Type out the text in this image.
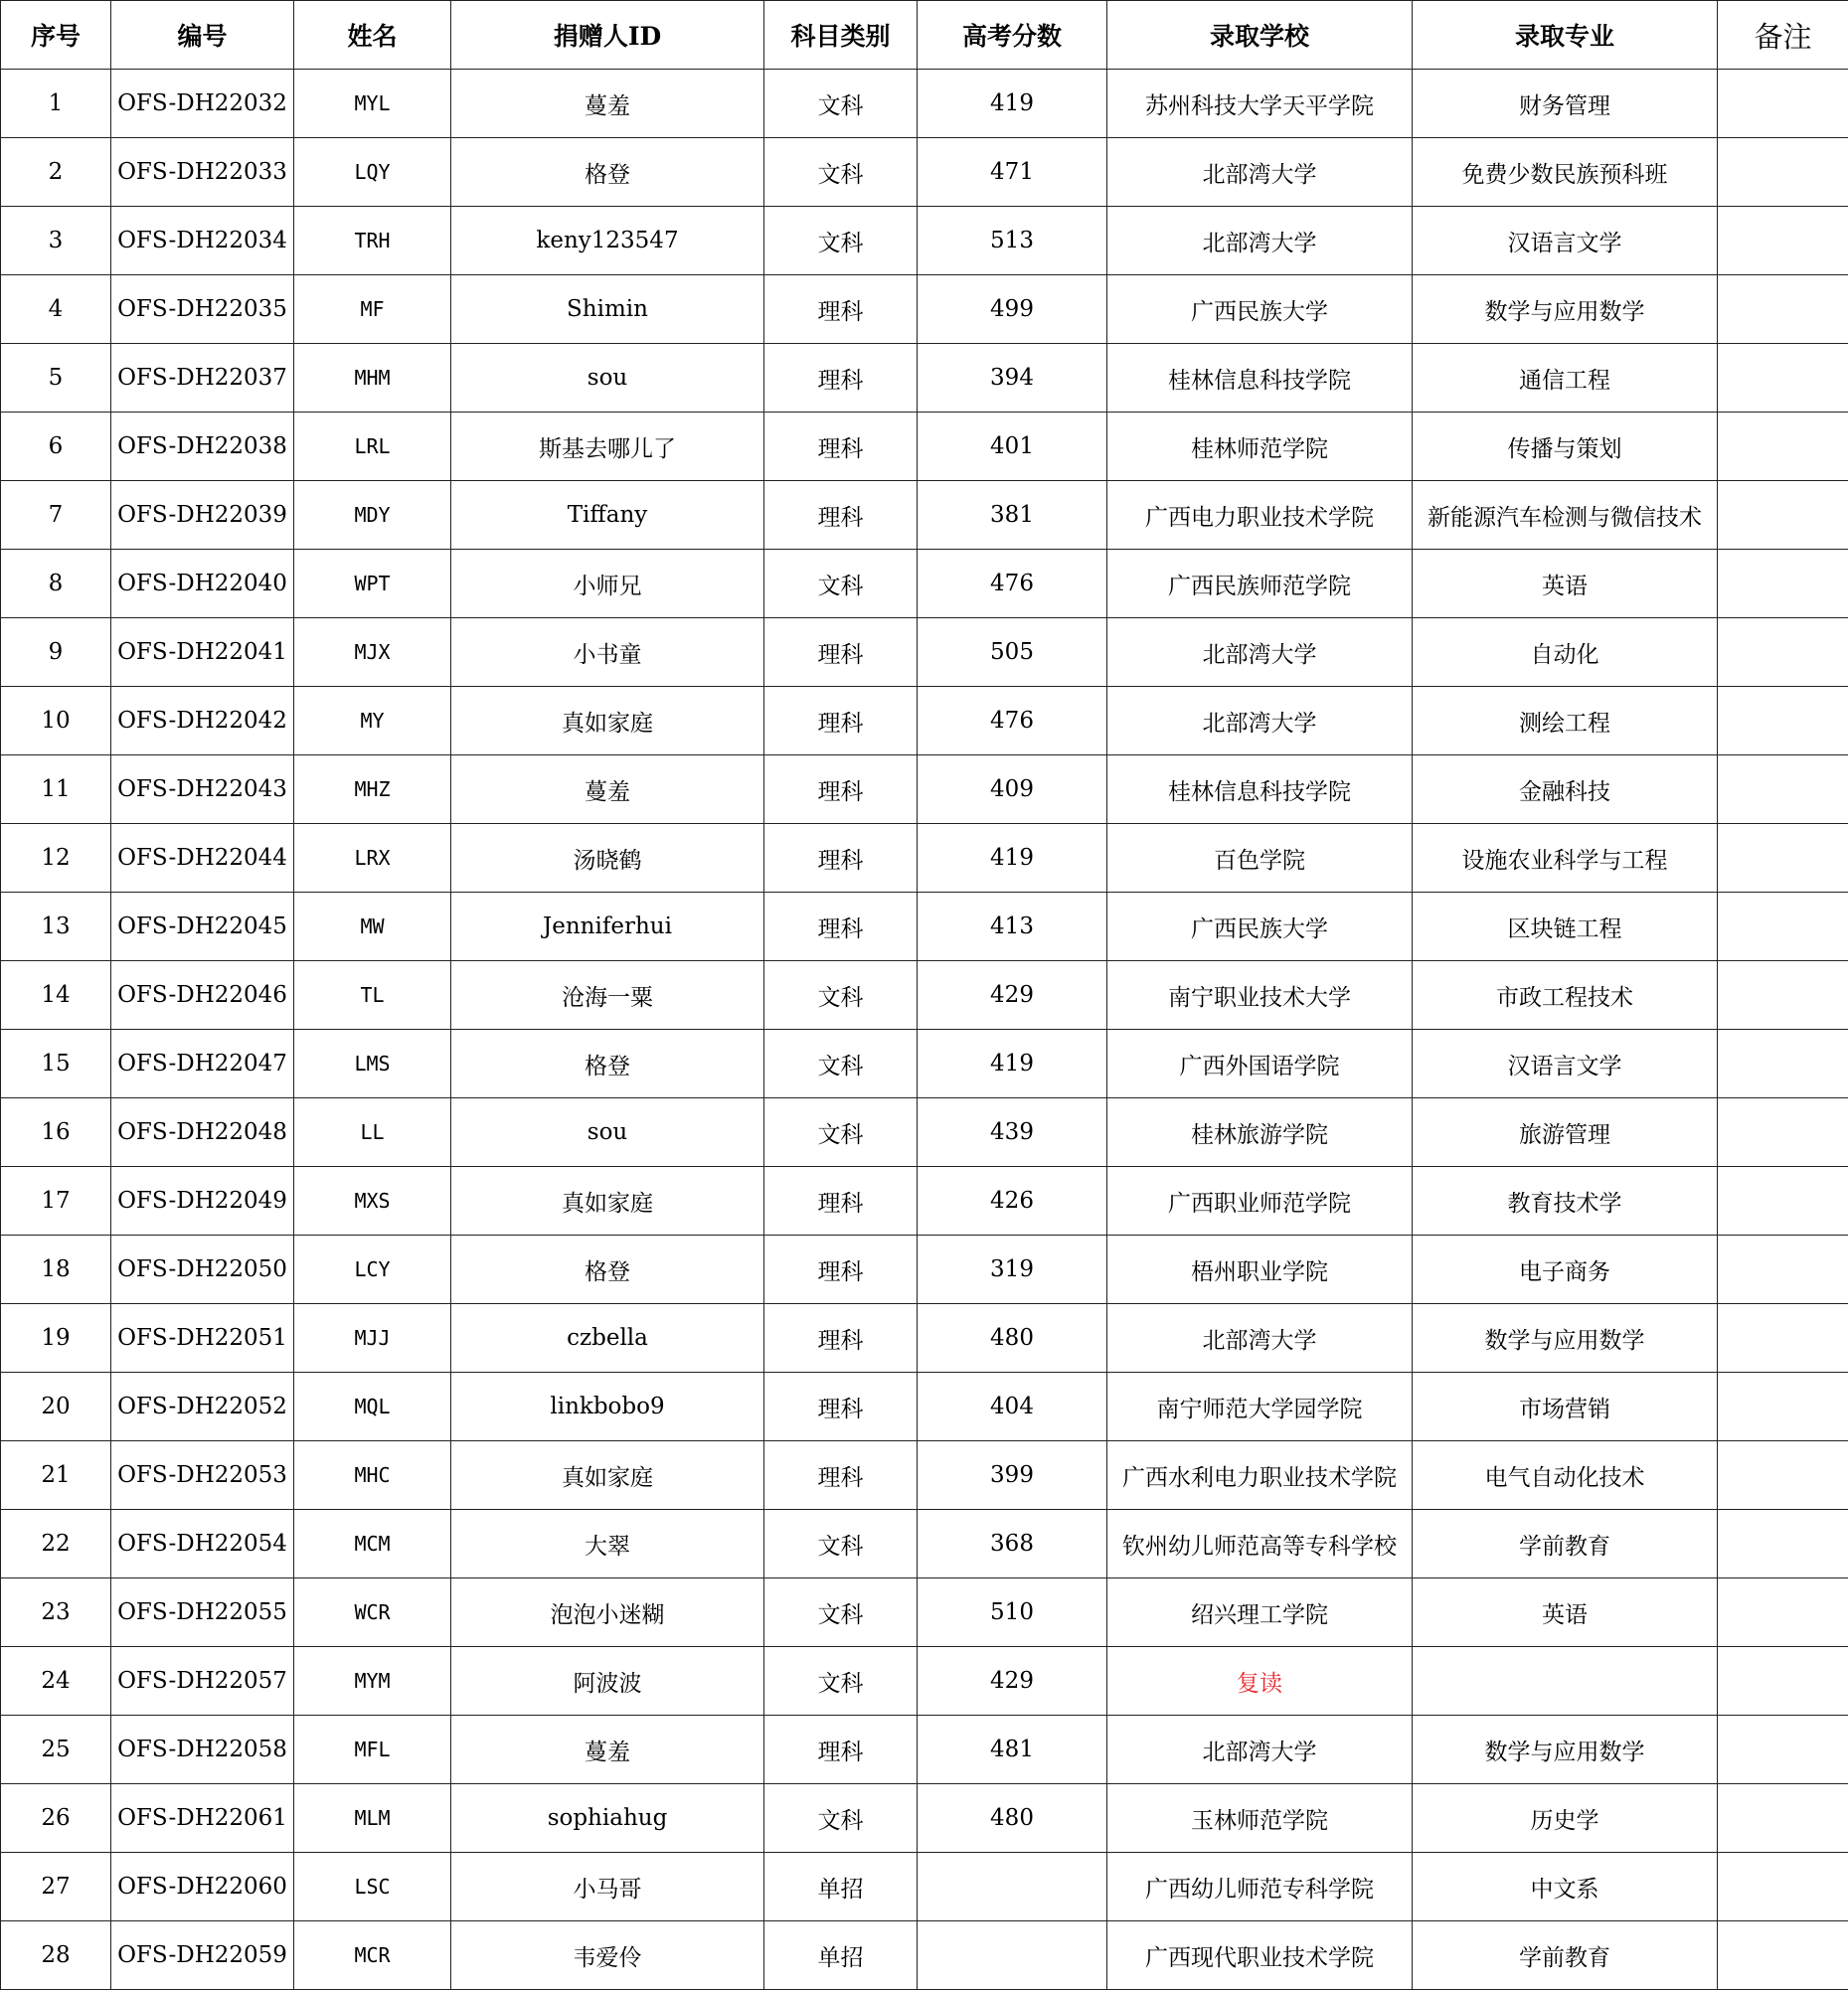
序号	编号	姓名	捐赠人ID	科目类别	高考分数	录取学校	录取专业	备注
1	OFS-DH22032	MYL	蔓羞	文科	419	苏州科技大学天平学院	财务管理	
2	OFS-DH22033	LQY	格登	文科	471	北部湾大学	免费少数民族预科班	
3	OFS-DH22034	TRH	keny123547	文科	513	北部湾大学	汉语言文学	
4	OFS-DH22035	MF	Shimin	理科	499	广西民族大学	数学与应用数学	
5	OFS-DH22037	MHM	sou	理科	394	桂林信息科技学院	通信工程	
6	OFS-DH22038	LRL	斯基去哪儿了	理科	401	桂林师范学院	传播与策划	
7	OFS-DH22039	MDY	Tiffany	理科	381	广西电力职业技术学院	新能源汽车检测与微信技术	
8	OFS-DH22040	WPT	小师兄	文科	476	广西民族师范学院	英语	
9	OFS-DH22041	MJX	小书童	理科	505	北部湾大学	自动化	
10	OFS-DH22042	MY	真如家庭	理科	476	北部湾大学	测绘工程	
11	OFS-DH22043	MHZ	蔓羞	理科	409	桂林信息科技学院	金融科技	
12	OFS-DH22044	LRX	汤晓鹤	理科	419	百色学院	设施农业科学与工程	
13	OFS-DH22045	MW	Jenniferhui	理科	413	广西民族大学	区块链工程	
14	OFS-DH22046	TL	沧海一粟	文科	429	南宁职业技术大学	市政工程技术	
15	OFS-DH22047	LMS	格登	文科	419	广西外国语学院	汉语言文学	
16	OFS-DH22048	LL	sou	文科	439	桂林旅游学院	旅游管理	
17	OFS-DH22049	MXS	真如家庭	理科	426	广西职业师范学院	教育技术学	
18	OFS-DH22050	LCY	格登	理科	319	梧州职业学院	电子商务	
19	OFS-DH22051	MJJ	czbella	理科	480	北部湾大学	数学与应用数学	
20	OFS-DH22052	MQL	linkbobo9	理科	404	南宁师范大学园学院	市场营销	
21	OFS-DH22053	MHC	真如家庭	理科	399	广西水利电力职业技术学院	电气自动化技术	
22	OFS-DH22054	MCM	大翠	文科	368	钦州幼儿师范高等专科学校	学前教育	
23	OFS-DH22055	WCR	泡泡小迷糊	文科	510	绍兴理工学院	英语	
24	OFS-DH22057	MYM	阿波波	文科	429	复读		
25	OFS-DH22058	MFL	蔓羞	理科	481	北部湾大学	数学与应用数学	
26	OFS-DH22061	MLM	sophiahug	文科	480	玉林师范学院	历史学	
27	OFS-DH22060	LSC	小马哥	单招		广西幼儿师范专科学院	中文系	
28	OFS-DH22059	MCR	韦爱伶	单招		广西现代职业技术学院	学前教育	
